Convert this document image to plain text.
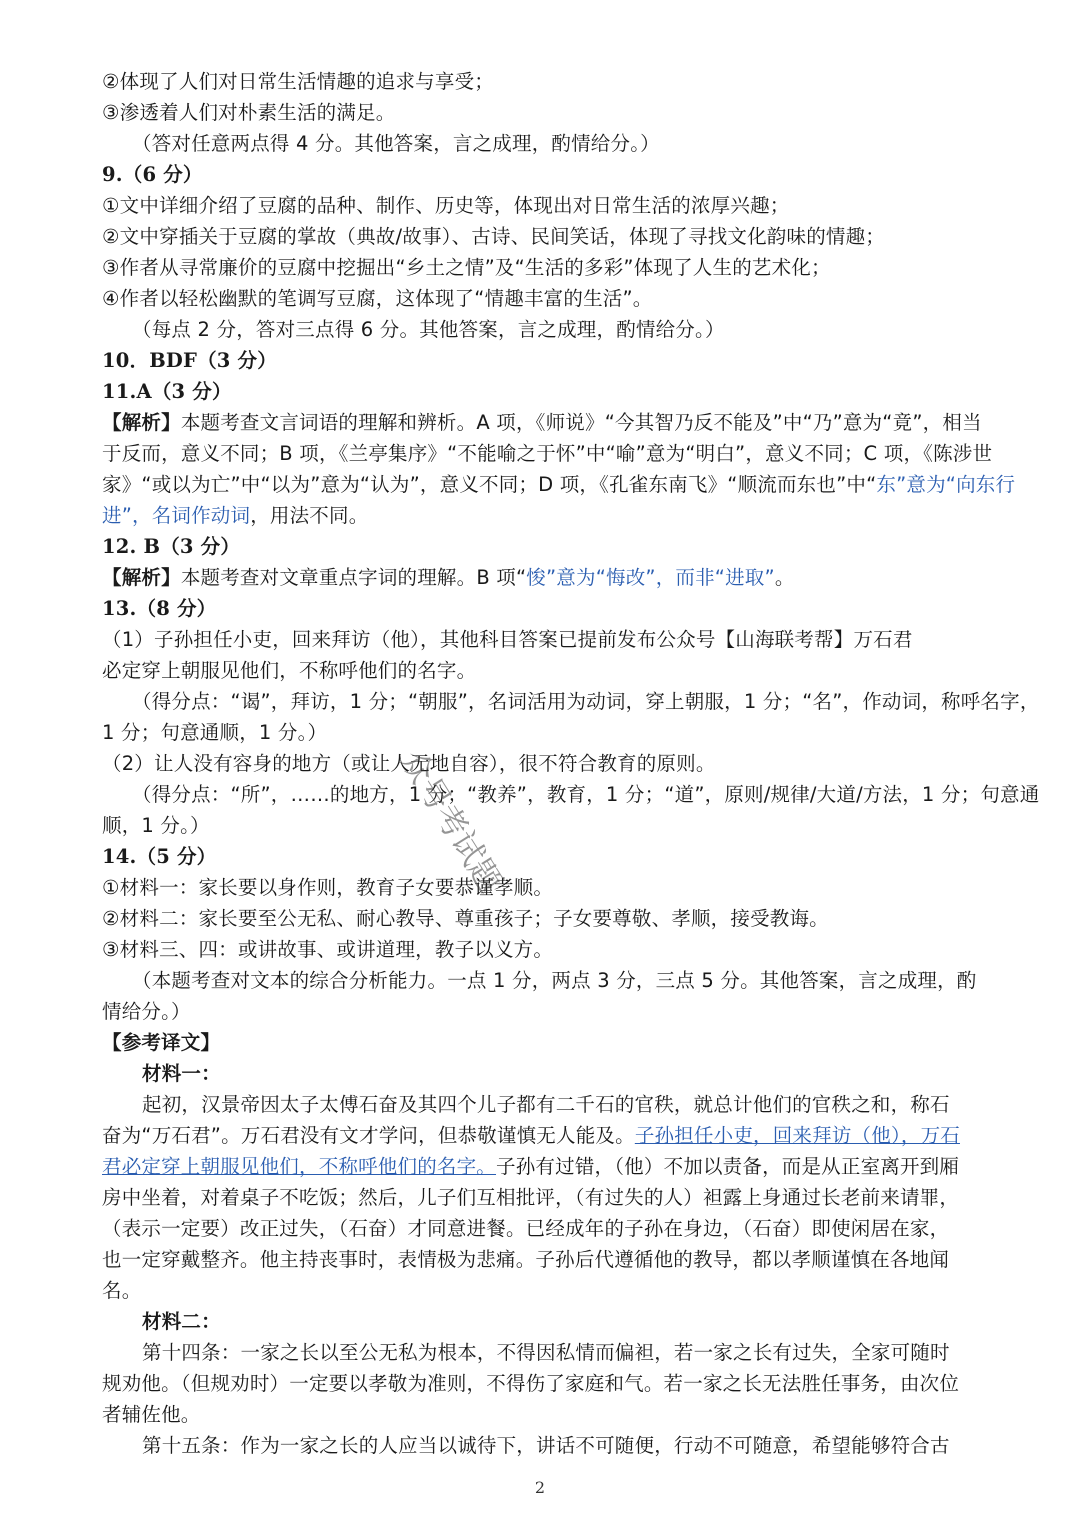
②体现了人们对日常生活情趣的追求与享受；
③渗透着人们对朴素生活的满足。
（答对任意两点得 4 分。其他答案，言之成理，酌情给分。）
9.（6 分）
①文中详细介绍了豆腐的品种、制作、历史等，体现出对日常生活的浓厚兴趣；
②文中穿插关于豆腐的掌故（典故/故事）、古诗、民间笑话，体现了寻找文化韵味的情趣；
③作者从寻常廉价的豆腐中挖掘出“乡土之情”及“生活的多彩”体现了人生的艺术化；
④作者以轻松幽默的笔调写豆腐，这体现了“情趣丰富的生活”。
（每点 2 分，答对三点得 6 分。其他答案，言之成理，酌情给分。）
10．BDF（3 分）
11.A（3 分）
【解析】本题考查文言词语的理解和辨析。A 项，《师说》“今其智乃反不能及”中“乃”意为“竟”，相当
于反而，意义不同；B 项，《兰亭集序》“不能喻之于怀”中“喻”意为“明白”，意义不同；C 项，《陈涉世
家》“或以为亡”中“以为”意为“认为”，意义不同；D 项，《孔雀东南飞》“顺流而东也”中“东”意为“向东行
进”，名词作动词，用法不同。
12. B（3 分）
【解析】本题考查对文章重点字词的理解。B 项“悛”意为“悔改”，而非“进取”。
13.（8 分）
（1）子孙担任小吏，回来拜访（他），其他科目答案已提前发布公众号【山海联考帮】万石君
必定穿上朝服见他们，不称呼他们的名字。
（得分点：“谒”，拜访，1 分；“朝服”，名词活用为动词，穿上朝服，1 分；“名”，作动词，称呼名字，
1 分；句意通顺，1 分。）
（2）让人没有容身的地方（或让人无地自容），很不符合教育的原则。
（得分点：“所”，……的地方，1 分；“教养”，教育，1 分；“道”，原则/规律/大道/方法，1 分；句意通
顺，1 分。）
14.（5 分）
①材料一：家长要以身作则，教育子女要恭谨孝顺。
②材料二：家长要至公无私、耐心教导、尊重孩子；子女要尊敬、孝顺，接受教诲。
③材料三、四：或讲故事、或讲道理，教子以义方。
（本题考查对文本的综合分析能力。一点 1 分，两点 3 分，三点 5 分。其他答案，言之成理，酌
情给分。）
【参考译文】
材料一：
起初，汉景帝因太子太傅石奋及其四个儿子都有二千石的官秩，就总计他们的官秩之和，称石
奋为“万石君”。万石君没有文才学问，但恭敬谨慎无人能及。子孙担任小吏，回来拜访（他），万石
君必定穿上朝服见他们，不称呼他们的名字。子孙有过错，（他）不加以责备，而是从正室离开到厢
房中坐着，对着桌子不吃饭；然后，儿子们互相批评，（有过失的人）袒露上身通过长老前来请罪，
（表示一定要）改正过失，（石奋）才同意进餐。已经成年的子孙在身边，（石奋）即使闲居在家，
也一定穿戴整齐。他主持丧事时，表情极为悲痛。子孙后代遵循他的教导，都以孝顺谨慎在各地闻
名。
材料二：
第十四条：一家之长以至公无私为根本，不得因私情而偏袒，若一家之长有过失，全家可随时
规劝他。（但规劝时）一定要以孝敬为准则，不得伤了家庭和气。若一家之长无法胜任事务，由次位
者辅佐他。
第十五条：作为一家之长的人应当以诚待下，讲话不可随便，行动不可随意，希望能够符合古
众号考试题
2
